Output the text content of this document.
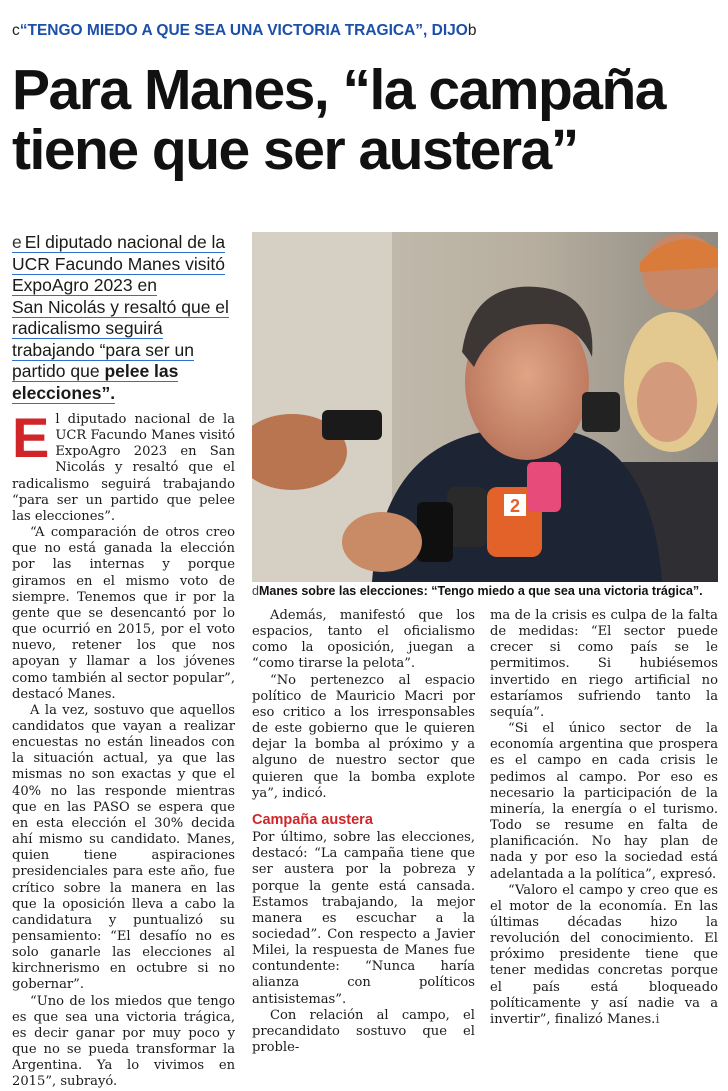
c“TENGO MIEDO A QUE SEA UNA VICTORIA TRAGICA”, DIJOb
Para Manes, “la campaña
tiene que ser austera”
e El diputado nacional de la
UCR Facundo Manes visitó
ExpoAgro 2023 en
San Nicolás y resaltó que el
radicalismo seguirá
trabajando “para ser un
partido que pelee las
elecciones”.
2
dManes sobre las elecciones: “Tengo miedo a que sea una victoria trágica”.
E l diputado nacional de la UCR Facundo Manes visitó ExpoAgro 2023 en San Nicolás y resaltó que el radicalismo seguirá trabajando “para ser un partido que pelee las elecciones”.

“A comparación de otros creo que no está ganada la elección por las internas y porque giramos en el mismo voto de siempre. Tenemos que ir por la gente que se desencantó por lo que ocurrió en 2015, por el voto nuevo, retener los que nos apoyan y llamar a los jóvenes como también al sector popular”, destacó Manes.

A la vez, sostuvo que aquellos candidatos que vayan a realizar encuestas no están lineados con la situación actual, ya que las mismas no son exactas y que el 40% no las responde mientras que en las PASO se espera que en esta elección el 30% decida ahí mismo su candidato. Manes, quien tiene aspiraciones presidenciales para este año, fue crítico sobre la manera en las que la oposición lleva a cabo la candidatura y puntualizó su pensamiento: “El desafío no es solo ganarle las elecciones al kirchnerismo en octubre si no gobernar”.

“Uno de los miedos que tengo es que sea una victoria trágica, es decir ganar por muy poco y que no se pueda transformar la Argentina. Ya lo vivimos en 2015”, subrayó.

Además, manifestó que los espacios, tanto el oficialismo como la oposición, juegan a “como tirarse la pelota”.

“No pertenezco al espacio político de Mauricio Macri por eso critico a los irresponsables de este gobierno que le quieren dejar la bomba al próximo y a alguno de nuestro sector que quieren que la bomba explote ya”, indicó.

Campaña austera

Por último, sobre las elecciones, destacó: “La campaña tiene que ser austera por la pobreza y porque la gente está cansada. Estamos trabajando, la mejor manera es escuchar a la sociedad”. Con respecto a Javier Milei, la respuesta de Manes fue contundente: “Nunca haría alianza con políticos antisistemas”.

Con relación al campo, el precandidato sostuvo que el proble-

ma de la crisis es culpa de la falta de medidas: “El sector puede crecer si como país se le permitimos. Si hubiésemos invertido en riego artificial no estaríamos sufriendo tanto la sequía”.

“Si el único sector de la economía argentina que prospera es el campo en cada crisis le pedimos al campo. Por eso es necesario la participación de la minería, la energía o el turismo. Todo se resume en falta de planificación. No hay plan de nada y por eso la sociedad está adelantada a la política”, expresó.

“Valoro el campo y creo que es el motor de la economía. En las últimas décadas hizo la revolución del conocimiento. El próximo presidente tiene que tener medidas concretas porque el país está bloqueado políticamente y así nadie va a invertir”, finalizó Manes.i
